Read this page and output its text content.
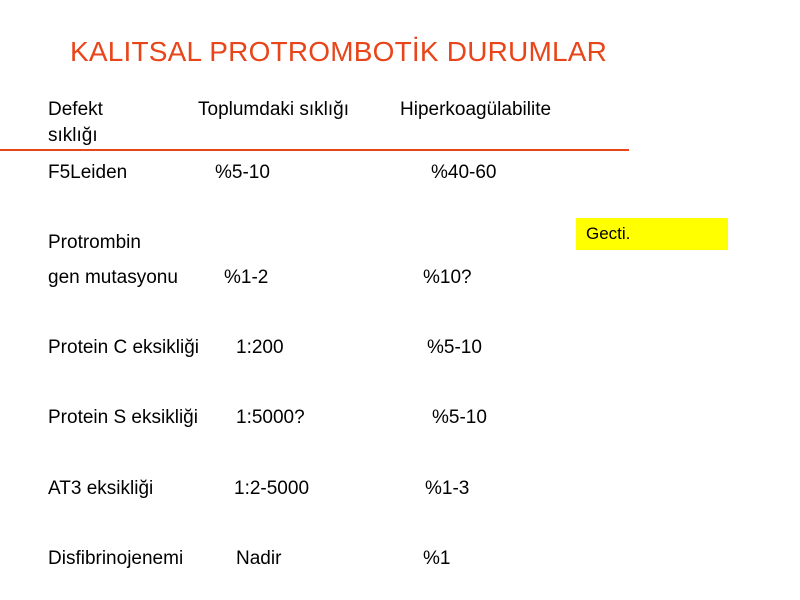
KALITSAL PROTROMBOTİK DURUMLAR
Defekt
sıklığı
Toplumdaki sıklığı	Hiperkoagülabilite
F5Leiden	%5-10	%40-60
Protrombin
gen mutasyonu %1-2	%10?
Protein C eksikliği 1:200	%5-10
Protein S eksikliği 1:5000?	%5-10
AT3 eksikliği	1:2-5000	%1-3
Disfibrinojenemi	Nadir	%1
Gecti.
